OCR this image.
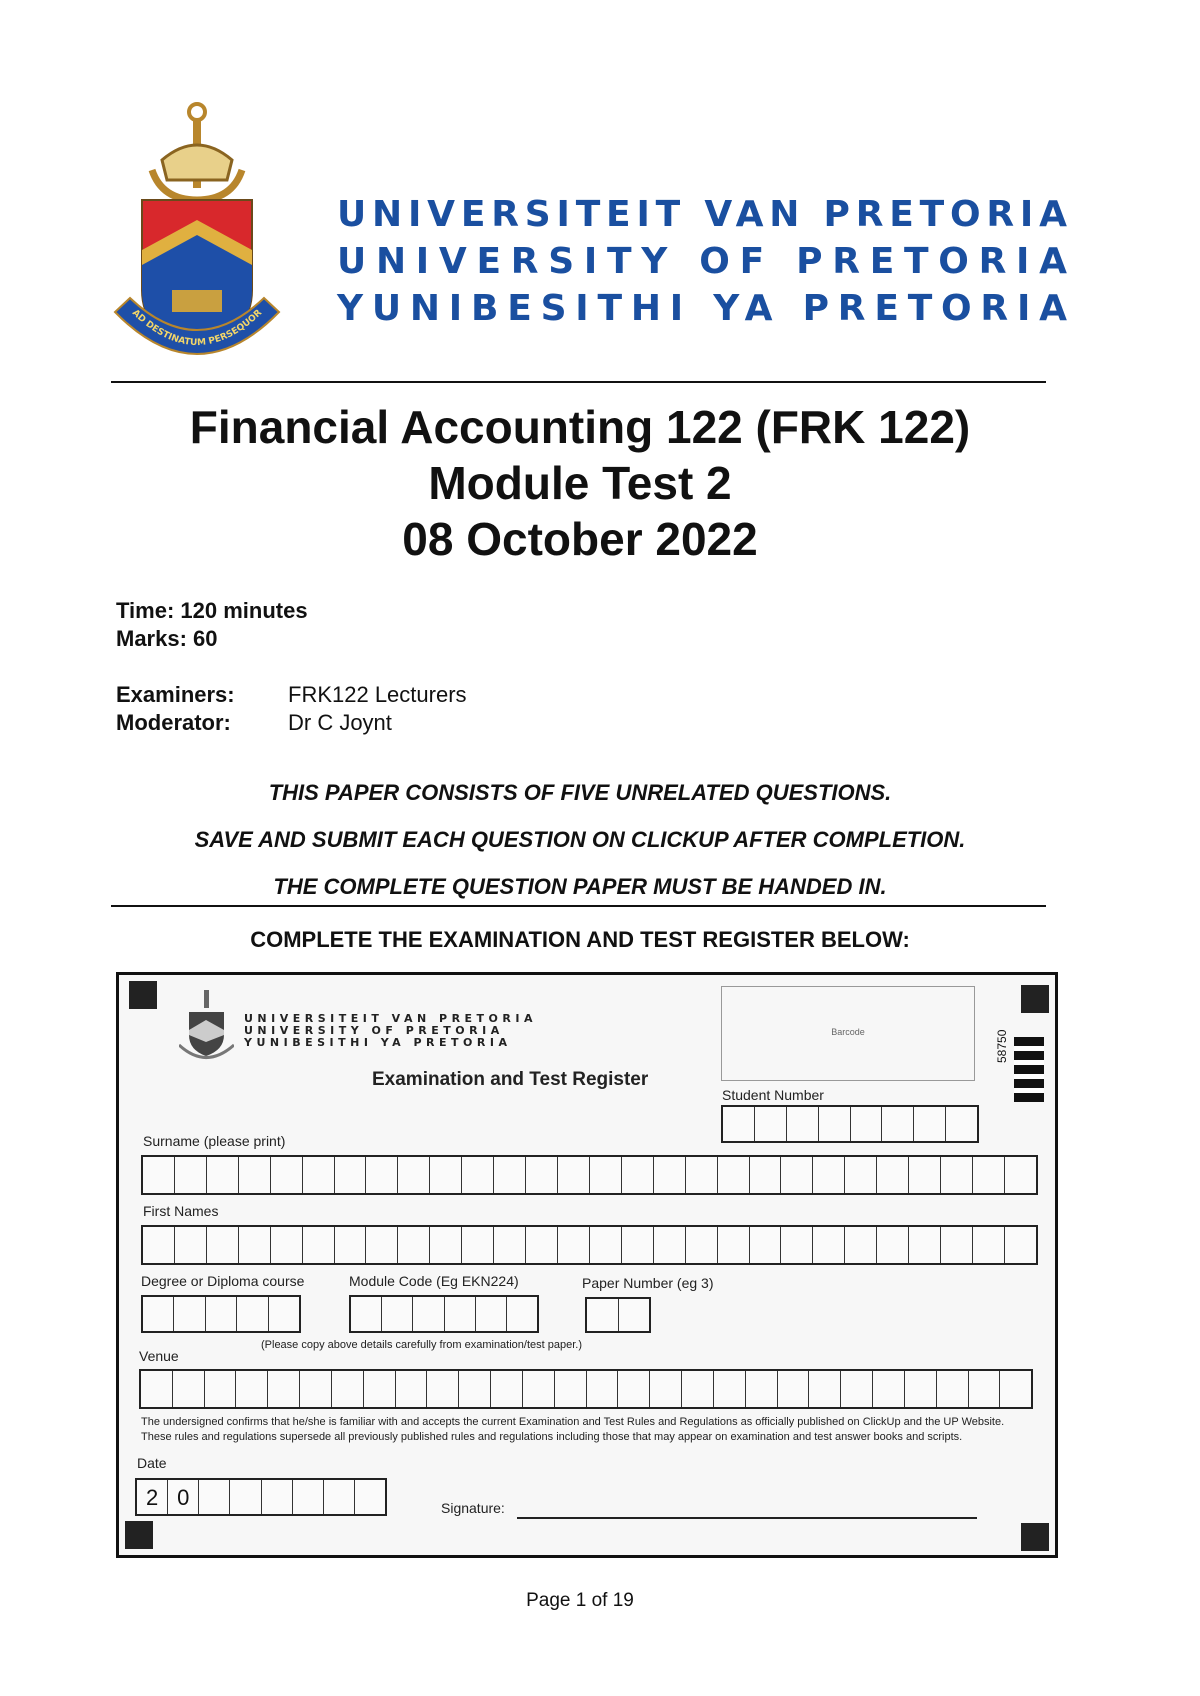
AD DESTINATUM PERSEQUOR
UNIVERSITEIT VAN PRETORIA
UNIVERSITY OF PRETORIA
YUNIBESITHI YA PRETORIA
Financial Accounting 122 (FRK 122)
Module Test 2
08 October 2022
Time: 120 minutes
Marks: 60
Examiners: FRK122 Lecturers
Moderator:	Dr C Joynt
THIS PAPER CONSISTS OF FIVE UNRELATED QUESTIONS.
SAVE AND SUBMIT EACH QUESTION ON CLICKUP AFTER COMPLETION.
THE COMPLETE QUESTION PAPER MUST BE HANDED IN.
COMPLETE THE EXAMINATION AND TEST REGISTER BELOW:
UNIVERSITEIT VAN PRETORIA
UNIVERSITY OF PRETORIA
YUNIBESITHI YA PRETORIA
Examination and Test Register
Barcode	58750
Student Number
Surname (please print)
First Names
Degree or Diploma course	Module Code (Eg EKN224)	Paper Number (eg 3)
(Please copy above details carefully from examination/test paper.)
Venue
The undersigned confirms that he/she is familiar with and accepts the current Examination and Test Rules and Regulations as officially published on ClickUp and the UP Website.
These rules and regulations supersede all previously published rules and regulations including those that may appear on examination and test answer books and scripts.
Date
2 0	Signature:
Page 1 of 19
